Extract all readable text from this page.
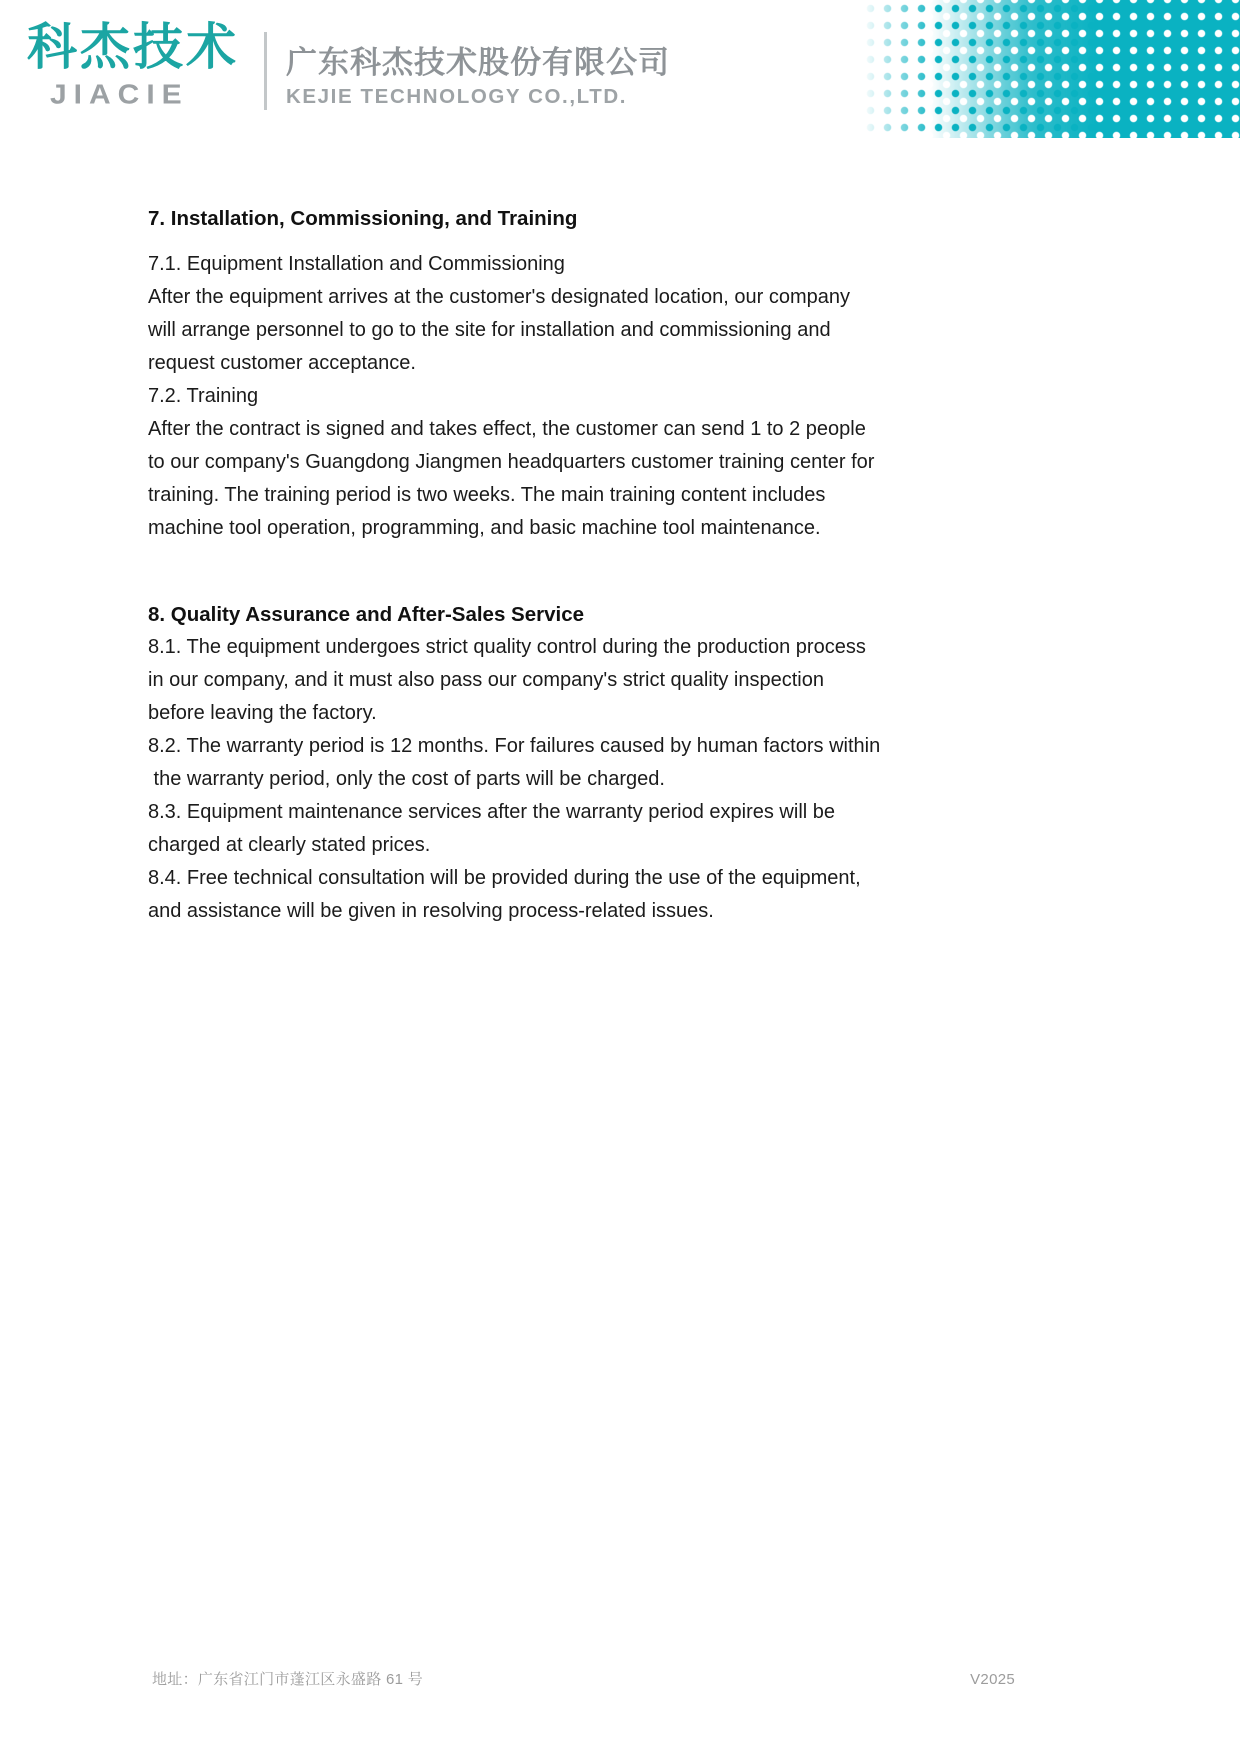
科杰技术
JIACIE
广东科杰技术股份有限公司
KEJIE TECHNOLOGY CO.,LTD.
7. Installation, Commissioning, and Training
7.1. Equipment Installation and Commissioning
After the equipment arrives at the customer's designated location, our company
will arrange personnel to go to the site for installation and commissioning and
request customer acceptance.
7.2. Training
After the contract is signed and takes effect, the customer can send 1 to 2 people
to our company's Guangdong Jiangmen headquarters customer training center for
training. The training period is two weeks. The main training content includes
machine tool operation, programming, and basic machine tool maintenance.
8. Quality Assurance and After-Sales Service
8.1. The equipment undergoes strict quality control during the production process
in our company, and it must also pass our company's strict quality inspection
before leaving the factory.
8.2. The warranty period is 12 months. For failures caused by human factors within
the warranty period, only the cost of parts will be charged.
8.3. Equipment maintenance services after the warranty period expires will be
charged at clearly stated prices.
8.4. Free technical consultation will be provided during the use of the equipment,
and assistance will be given in resolving process-related issues.
地址：广东省江门市蓬江区永盛路 61 号	V2025
